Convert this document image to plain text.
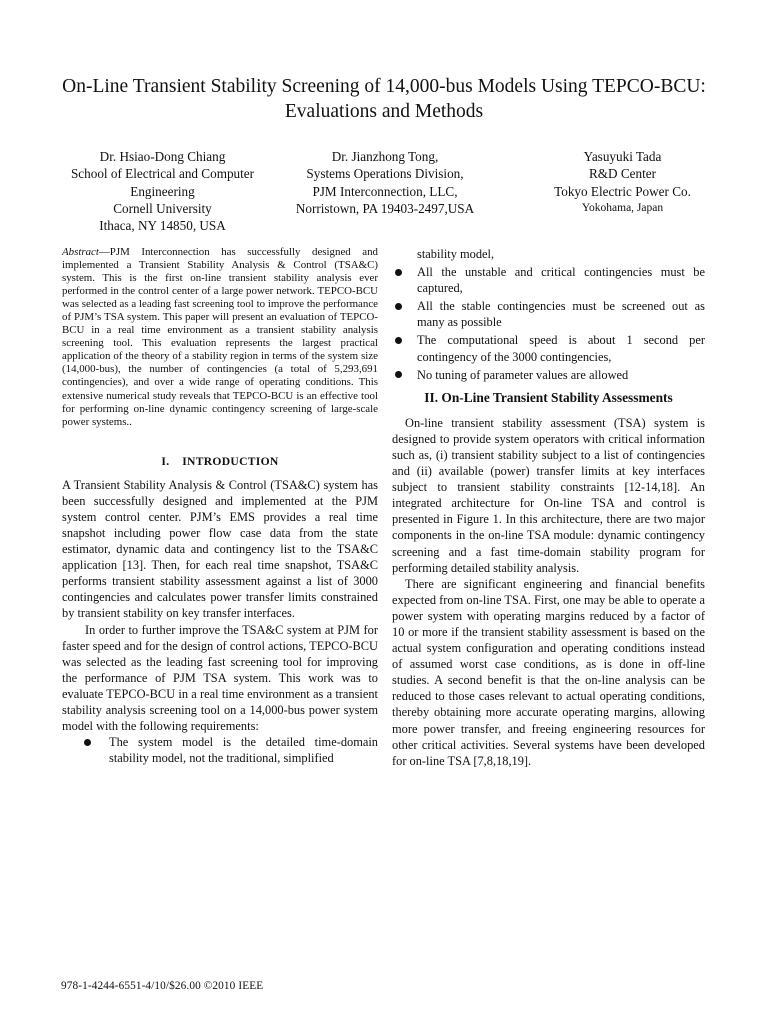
On-Line Transient Stability Screening of 14,000-bus Models Using TEPCO-BCU:
Evaluations and Methods
Dr. Hsiao-Dong Chiang
School of Electrical and Computer
Engineering
Cornell University
Ithaca, NY 14850, USA
Dr. Jianzhong Tong,
Systems Operations Division,
PJM Interconnection, LLC,
Norristown, PA 19403-2497,USA
Yasuyuki Tada
R&D Center
Tokyo Electric Power Co.
Yokohama, Japan

Abstract—PJM Interconnection has successfully designed and implemented a Transient Stability Analysis & Control (TSA&C) system. This is the first on-line transient stability analysis ever performed in the control center of a large power network. TEPCO-BCU was selected as a leading fast screening tool to improve the performance of PJM’s TSA system. This paper will present an evaluation of TEPCO-BCU in a real time environment as a transient stability analysis screening tool. This evaluation represents the largest practical application of the theory of a stability region in terms of the system size (14,000-bus), the number of contingencies (a total of 5,293,691 contingencies), and over a wide range of operating conditions. This extensive numerical study reveals that TEPCO-BCU is an effective tool for performing on-line dynamic contingency screening of large-scale power systems..

I. INTRODUCTION

A Transient Stability Analysis & Control (TSA&C) system has been successfully designed and implemented at the PJM system control center. PJM’s EMS provides a real time snapshot including power flow case data from the state estimator, dynamic data and contingency list to the TSA&C application [13]. Then, for each real time snapshot, TSA&C performs transient stability assessment against a list of 3000 contingencies and calculates power transfer limits constrained by transient stability on key transfer interfaces.

In order to further improve the TSA&C system at PJM for faster speed and for the design of control actions, TEPCO-BCU was selected as the leading fast screening tool for improving the performance of PJM TSA system. This work was to evaluate TEPCO-BCU in a real time environment as a transient stability analysis screening tool on a 14,000-bus power system model with the following requirements:

The system model is the detailed time-domain stability model, not the traditional, simplified

stability model,

All the unstable and critical contingencies must be captured,
All the stable contingencies must be screened out as many as possible
The computational speed is about 1 second per contingency of the 3000 contingencies,
No tuning of parameter values are allowed
II. On-Line Transient Stability Assessments

On-line transient stability assessment (TSA) system is designed to provide system operators with critical information such as, (i) transient stability subject to a list of contingencies and (ii) available (power) transfer limits at key interfaces subject to transient stability constraints [12-14,18]. An integrated architecture for On-line TSA and control is presented in Figure 1. In this architecture, there are two major components in the on-line TSA module: dynamic contingency screening and a fast time-domain stability program for performing detailed stability analysis.

There are significant engineering and financial benefits expected from on-line TSA. First, one may be able to operate a power system with operating margins reduced by a factor of 10 or more if the transient stability assessment is based on the actual system configuration and operating conditions instead of assumed worst case conditions, as is done in off-line studies. A second benefit is that the on-line analysis can be reduced to those cases relevant to actual operating conditions, thereby obtaining more accurate operating margins, allowing more power transfer, and freeing engineering resources for other critical activities. Several systems have been developed for on-line TSA [7,8,18,19].

978-1-4244-6551-4/10/$26.00 ©2010 IEEE
